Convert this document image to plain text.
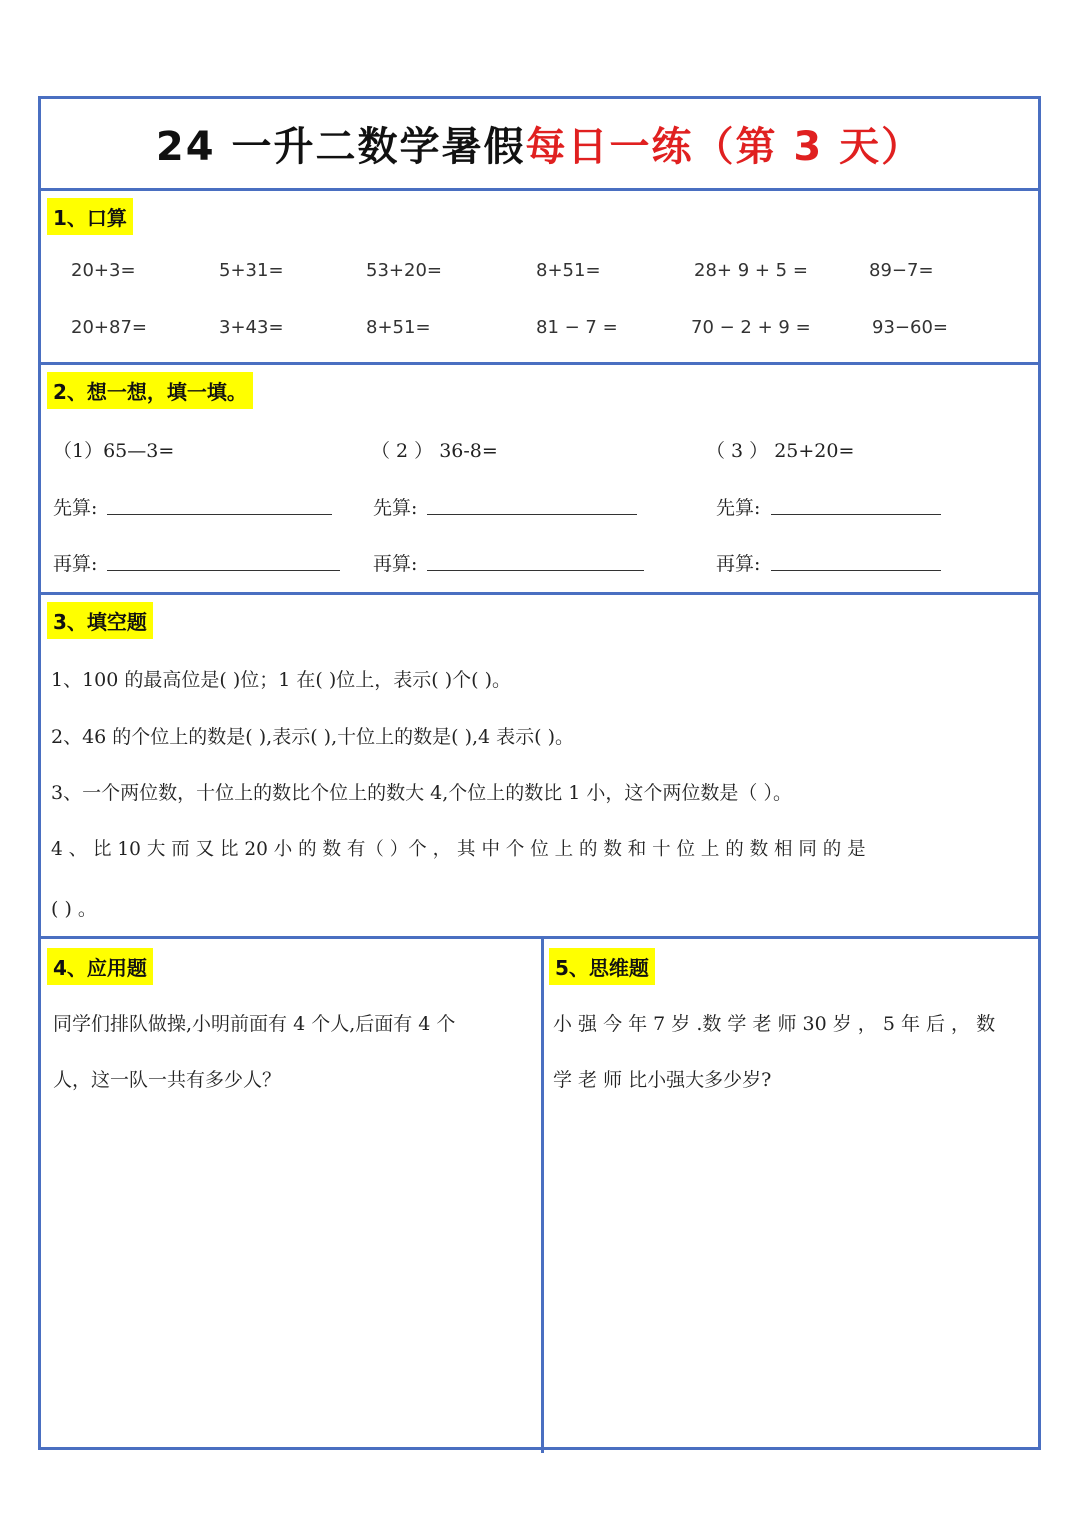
24 一升二数学暑假每日一练（第 3 天）
1、口算
20+3=	5+31=	53+20=	8+51=	28+ 9 + 5 =	89−7=
20+87=	3+43=	8+51=	81 − 7 =	70 − 2 + 9 =	93−60=
2、想一想，填一填。
（1）65—3=	（ 2 ） 36-8=	（ 3 ） 25+20=
先算:	先算:	先算:
再算:	再算:	再算:
3、填空题
1、100 的最高位是( )位；1 在( )位上，表示( )个( )。
2、46 的个位上的数是( ),表示( ),十位上的数是( ),4 表示( )。
3、一个两位数，十位上的数比个位上的数大 4,个位上的数比 1 小，这个两位数是（ ）。
4 、 比 10 大 而 又 比 20 小 的 数 有（ ）个 ， 其 中 个 位 上 的 数 和 十 位 上 的 数 相 同 的 是
( ) 。
4、应用题
同学们排队做操,小明前面有 4 个人,后面有 4 个
人，这一队一共有多少人？
5、思维题
小 强 今 年 7 岁 .数 学 老 师 30 岁 ， 5 年 后 ， 数
学 老 师 比小强大多少岁?
